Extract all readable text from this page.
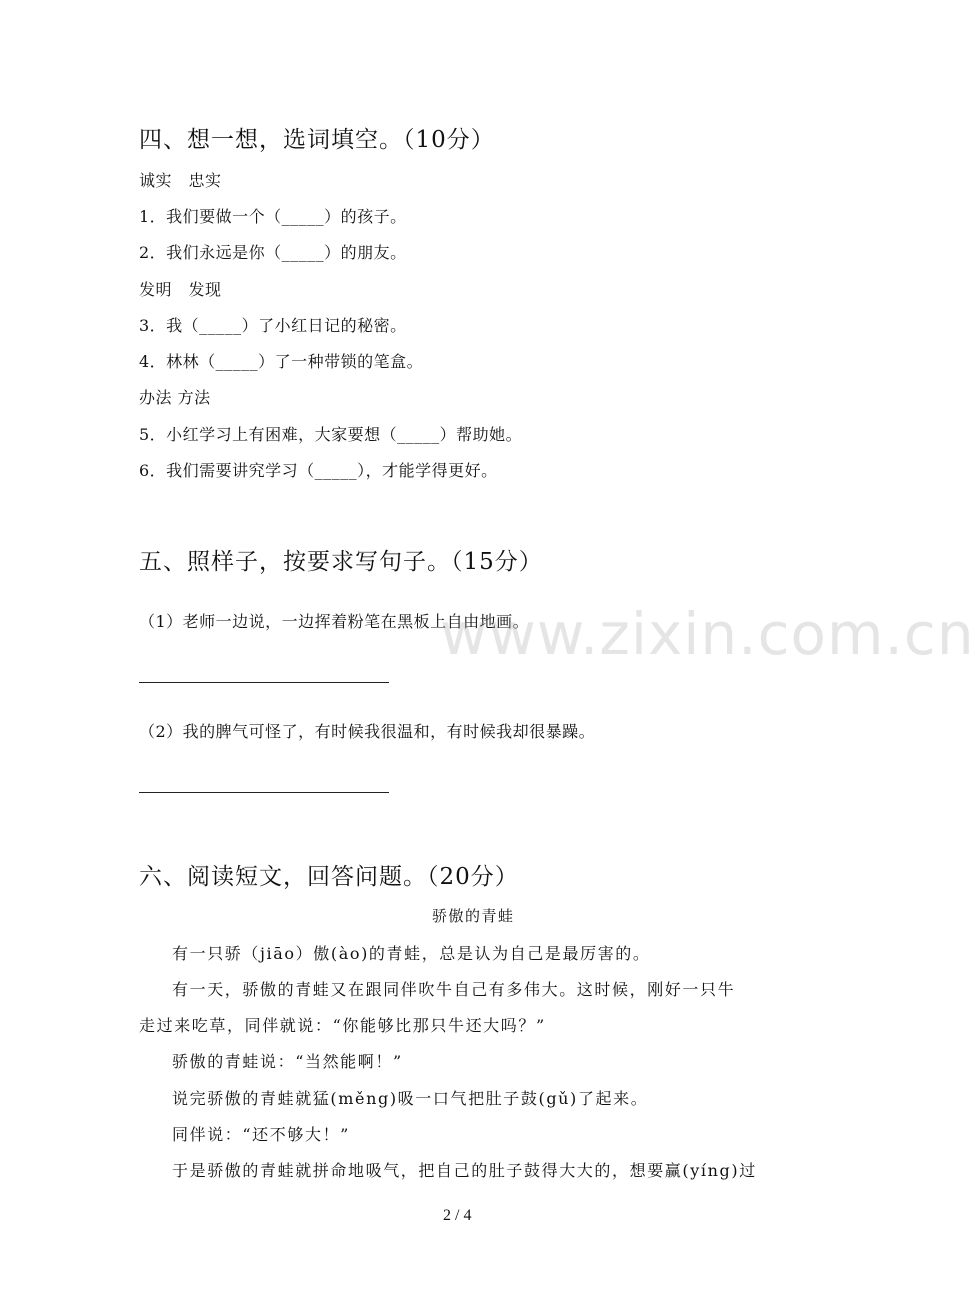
四、想一想，选词填空。（10分）
诚实　忠实
1．我们要做一个（_____）的孩子。
2．我们永远是你（_____）的朋友。
发明　发现
3．我（_____）了小红日记的秘密。
4．林林（_____）了一种带锁的笔盒。
办法 方法
5．小红学习上有困难，大家要想（_____）帮助她。
6．我们需要讲究学习（_____），才能学得更好。
五、照样子，按要求写句子。（15分）
（1）老师一边说，一边挥着粉笔在黑板上自由地画。
（2）我的脾气可怪了，有时候我很温和，有时候我却很暴躁。
六、阅读短文，回答问题。（20分）
骄傲的青蛙
有一只骄（jiāo）傲(ào)的青蛙，总是认为自己是最厉害的。
有一天，骄傲的青蛙又在跟同伴吹牛自己有多伟大。这时候，刚好一只牛
走过来吃草，同伴就说：“你能够比那只牛还大吗？”
骄傲的青蛙说：“当然能啊！”
说完骄傲的青蛙就猛(měng)吸一口气把肚子鼓(gǔ)了起来。
同伴说：“还不够大！”
于是骄傲的青蛙就拼命地吸气，把自己的肚子鼓得大大的，想要赢(yíng)过
www.zixin.com.cn
2 / 4
